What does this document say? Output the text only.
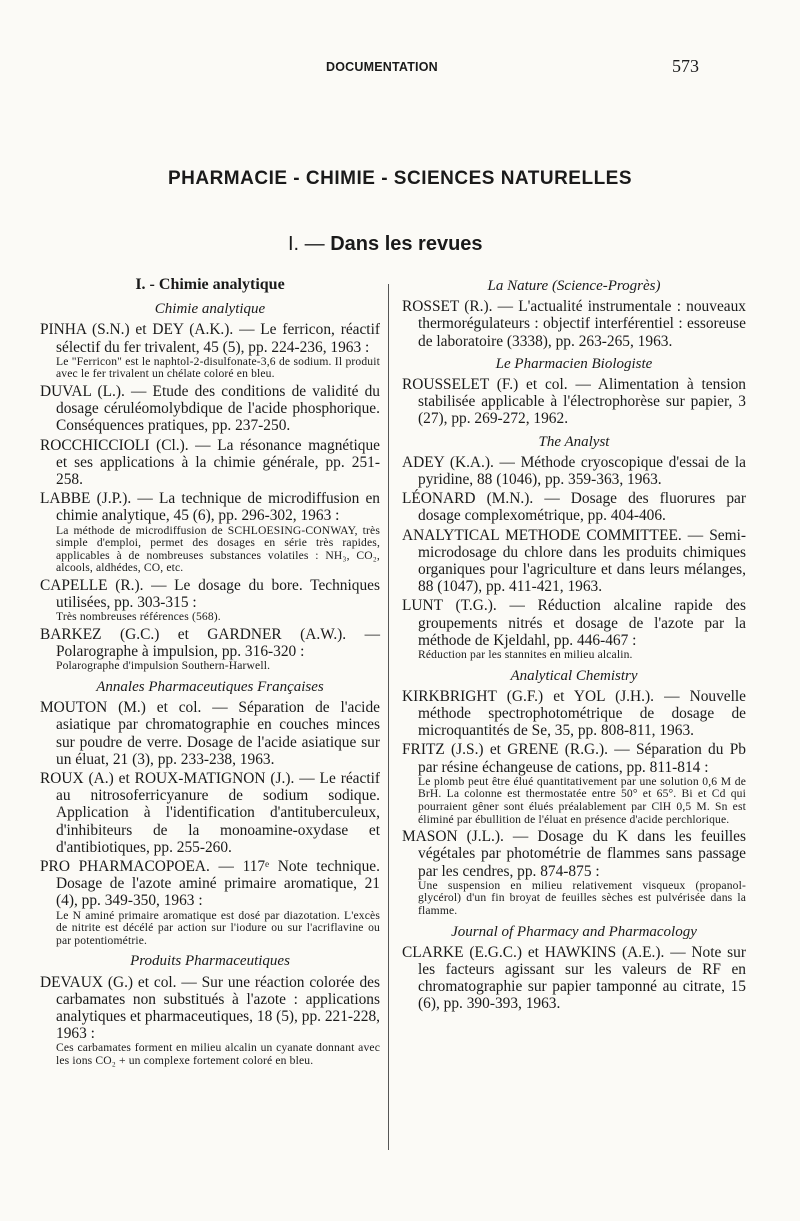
DOCUMENTATION	573
PHARMACIE - CHIMIE - SCIENCES NATURELLES
I. — Dans les revues
I. - Chimie analytique
Chimie analytique
PINHA (S.N.) et DEY (A.K.). — Le ferricon, réactif sélectif du fer trivalent, 45 (5), pp. 224-236, 1963 :
Le "Ferricon" est le naphtol-2-disulfonate-3,6 de sodium. Il produit avec le fer trivalent un chélate coloré en bleu.
DUVAL (L.). — Etude des conditions de validité du dosage céruléomolybdique de l'acide phosphorique. Conséquences pratiques, pp. 237-250.
ROCCHICCIOLI (Cl.). — La résonance magnétique et ses applications à la chimie générale, pp. 251-258.
LABBE (J.P.). — La technique de microdiffusion en chimie analytique, 45 (6), pp. 296-302, 1963 :
La méthode de microdiffusion de SCHLOESING-CONWAY, très simple d'emploi, permet des dosages en série très rapides, applicables à de nombreuses substances volatiles : NH₃, CO₂, alcools, aldhédes, CO, etc.
CAPELLE (R.). — Le dosage du bore. Techniques utilisées, pp. 303-315 :
Très nombreuses références (568).
BARKEZ (G.C.) et GARDNER (A.W.). — Polarographe à impulsion, pp. 316-320 :
Polarographe d'impulsion Southern-Harwell.
Annales Pharmaceutiques Françaises
MOUTON (M.) et col. — Séparation de l'acide asiatique par chromatographie en couches minces sur poudre de verre. Dosage de l'acide asiatique sur un éluat, 21 (3), pp. 233-238, 1963.
ROUX (A.) et ROUX-MATIGNON (J.). — Le réactif au nitrosoferricyanure de sodium sodique. Application à l'identification d'antituberculeux, d'inhibiteurs de la monoamine-oxydase et d'antibiotiques, pp. 255-260.
PRO PHARMACOPOEA. — 117ᵉ Note technique. Dosage de l'azote aminé primaire aromatique, 21 (4), pp. 349-350, 1963 :
Le N aminé primaire aromatique est dosé par diazotation. L'excès de nitrite est décélé par action sur l'iodure ou sur l'acriflavine ou par potentiométrie.
Produits Pharmaceutiques
DEVAUX (G.) et col. — Sur une réaction colorée des carbamates non substitués à l'azote : applications analytiques et pharmaceutiques, 18 (5), pp. 221-228, 1963 :
Ces carbamates forment en milieu alcalin un cyanate donnant avec les ions CO₂ + un complexe fortement coloré en bleu.
La Nature (Science-Progrès)
ROSSET (R.). — L'actualité instrumentale : nouveaux thermorégulateurs : objectif interférentiel : essoreuse de laboratoire (3338), pp. 263-265, 1963.
Le Pharmacien Biologiste
ROUSSELET (F.) et col. — Alimentation à tension stabilisée applicable à l'électrophorèse sur papier, 3 (27), pp. 269-272, 1962.
The Analyst
ADEY (K.A.). — Méthode cryoscopique d'essai de la pyridine, 88 (1046), pp. 359-363, 1963.
LÉONARD (M.N.). — Dosage des fluorures par dosage complexométrique, pp. 404-406.
ANALYTICAL METHODE COMMITTEE. — Semi-microdosage du chlore dans les produits chimiques organiques pour l'agriculture et dans leurs mélanges, 88 (1047), pp. 411-421, 1963.
LUNT (T.G.). — Réduction alcaline rapide des groupements nitrés et dosage de l'azote par la méthode de Kjeldahl, pp. 446-467 :
Réduction par les stannites en milieu alcalin.
Analytical Chemistry
KIRKBRIGHT (G.F.) et YOL (J.H.). — Nouvelle méthode spectrophotométrique de dosage de microquantités de Se, 35, pp. 808-811, 1963.
FRITZ (J.S.) et GRENE (R.G.). — Séparation du Pb par résine échangeuse de cations, pp. 811-814 :
Le plomb peut être élué quantitativement par une solution 0,6 M de BrH. La colonne est thermostatée entre 50° et 65°. Bi et Cd qui pourraient gêner sont élués préalablement par ClH 0,5 M. Sn est éliminé par ébullition de l'éluat en présence d'acide perchlorique.
MASON (J.L.). — Dosage du K dans les feuilles végétales par photométrie de flammes sans passage par les cendres, pp. 874-875 :
Une suspension en milieu relativement visqueux (propanol-glycérol) d'un fin broyat de feuilles sèches est pulvérisée dans la flamme.
Journal of Pharmacy and Pharmacology
CLARKE (E.G.C.) et HAWKINS (A.E.). — Note sur les facteurs agissant sur les valeurs de RF en chromatographie sur papier tamponné au citrate, 15 (6), pp. 390-393, 1963.
